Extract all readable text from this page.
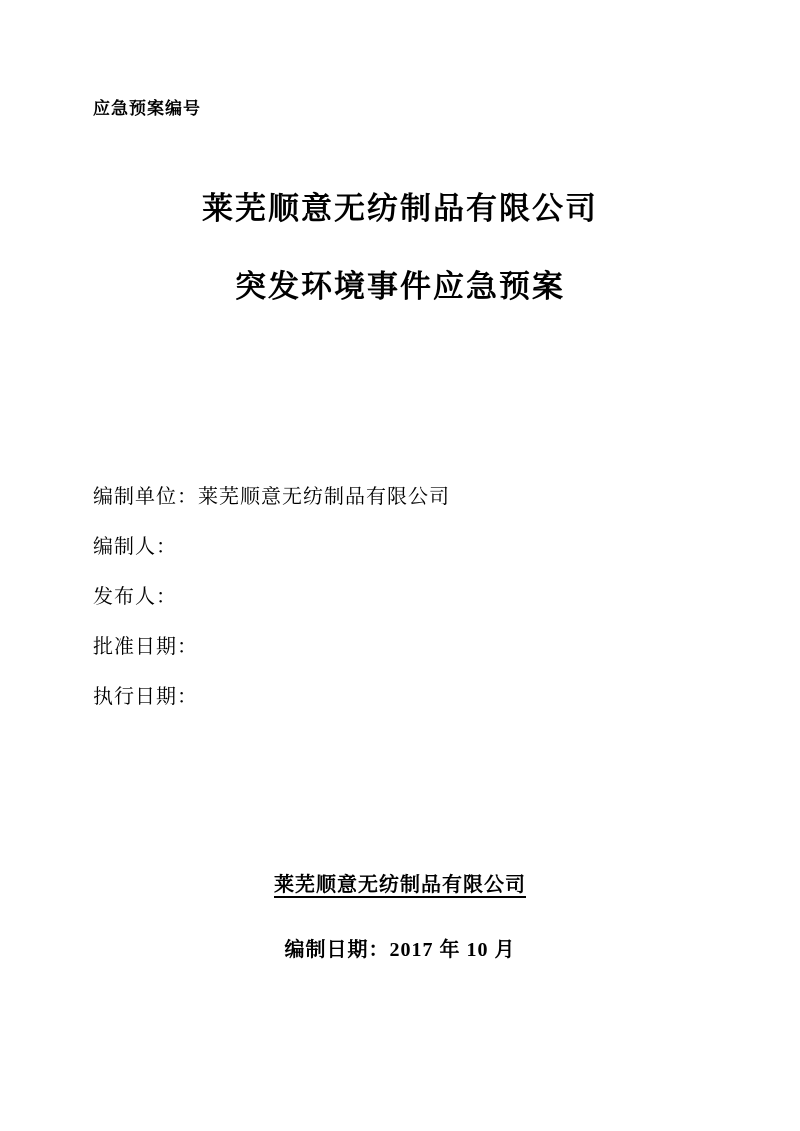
应急预案编号
莱芜顺意无纺制品有限公司
突发环境事件应急预案
编制单位：莱芜顺意无纺制品有限公司
编制人：
发布人：
批准日期：
执行日期：
莱芜顺意无纺制品有限公司
编制日期：2017 年 10 月
